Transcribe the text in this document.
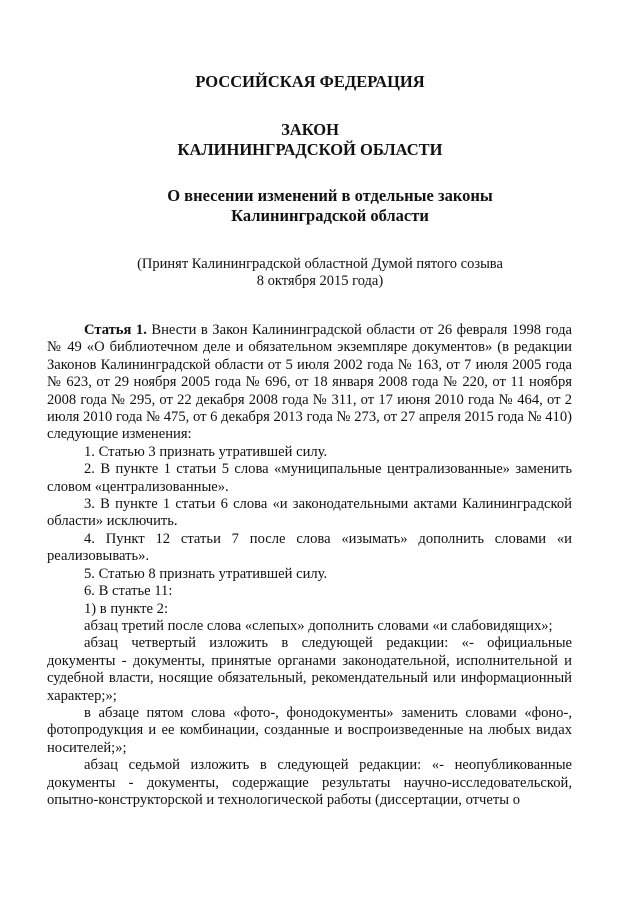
РОССИЙСКАЯ ФЕДЕРАЦИЯ

ЗАКОН

КАЛИНИНГРАДСКОЙ ОБЛАСТИ

О внесении изменений в отдельные законы

Калининградской области

(Принят Калининградской областной Думой пятого созыва
8 октября 2015 года)

Статья 1. Внести в Закон Калининградской области от 26 февраля 1998 года № 49 «О библиотечном деле и обязательном экземпляре документов» (в редакции Законов Калининградской области от 5 июля 2002 года № 163, от 7 июля 2005 года № 623, от 29 ноября 2005 года № 696, от 18 января 2008 года № 220, от 11 ноября 2008 года № 295, от 22 декабря 2008 года № 311, от 17 июня 2010 года № 464, от 2 июля 2010 года № 475, от 6 декабря 2013 года № 273, от 27 апреля 2015 года № 410) следующие изменения:

1. Статью 3 признать утратившей силу.

2. В пункте 1 статьи 5 слова «муниципальные централизованные» заменить словом «централизованные».

3. В пункте 1 статьи 6 слова «и законодательными актами Калининградской области» исключить.

4. Пункт 12 статьи 7 после слова «изымать» дополнить словами «и реализовывать».

5. Статью 8 признать утратившей силу.

6. В статье 11:

1) в пункте 2:

абзац третий после слова «слепых» дополнить словами «и слабовидящих»;

абзац четвертый изложить в следующей редакции: «- официальные документы - документы, принятые органами законодательной, исполнительной и судебной власти, носящие обязательный, рекомендательный или информационный характер;»;

в абзаце пятом слова «фото-, фонодокументы» заменить словами «фоно-, фотопродукция и ее комбинации, созданные и воспроизведенные на любых видах носителей;»;

абзац седьмой изложить в следующей редакции: «- неопубликованные документы - документы, содержащие результаты научно-исследовательской, опытно-конструкторской и технологической работы (диссертации, отчеты о
